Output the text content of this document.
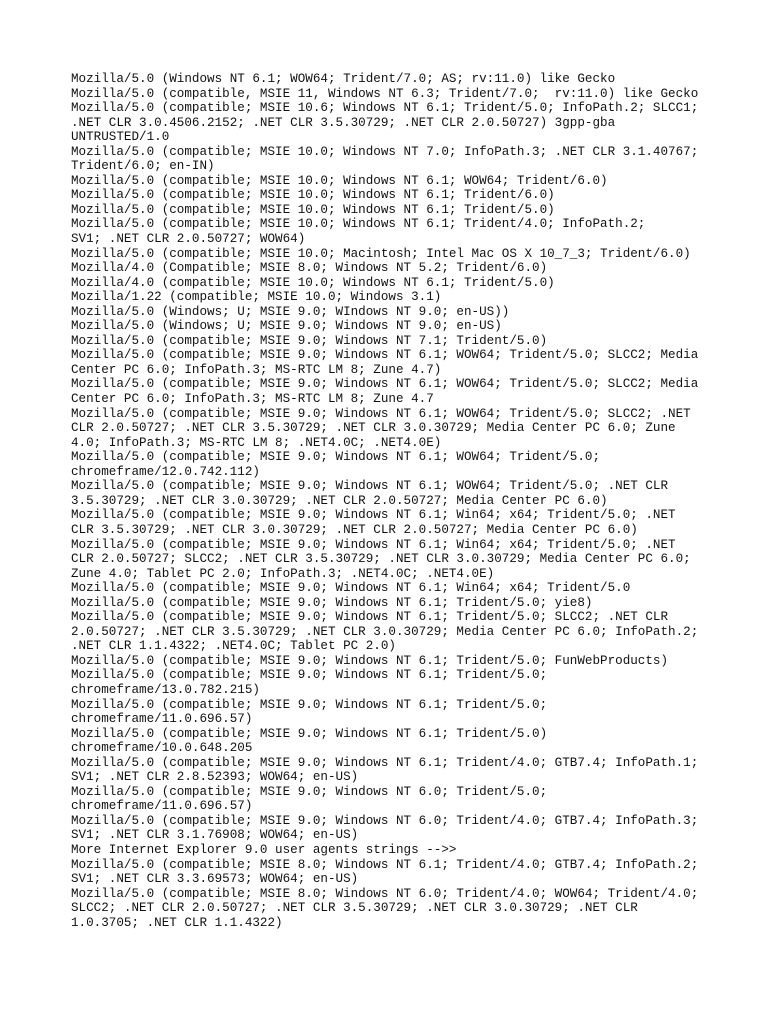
Mozilla/5.0 (Windows NT 6.1; WOW64; Trident/7.0; AS; rv:11.0) like Gecko
Mozilla/5.0 (compatible, MSIE 11, Windows NT 6.3; Trident/7.0;  rv:11.0) like Gecko
Mozilla/5.0 (compatible; MSIE 10.6; Windows NT 6.1; Trident/5.0; InfoPath.2; SLCC1;
.NET CLR 3.0.4506.2152; .NET CLR 3.5.30729; .NET CLR 2.0.50727) 3gpp-gba
UNTRUSTED/1.0
Mozilla/5.0 (compatible; MSIE 10.0; Windows NT 7.0; InfoPath.3; .NET CLR 3.1.40767;
Trident/6.0; en-IN)
Mozilla/5.0 (compatible; MSIE 10.0; Windows NT 6.1; WOW64; Trident/6.0)
Mozilla/5.0 (compatible; MSIE 10.0; Windows NT 6.1; Trident/6.0)
Mozilla/5.0 (compatible; MSIE 10.0; Windows NT 6.1; Trident/5.0)
Mozilla/5.0 (compatible; MSIE 10.0; Windows NT 6.1; Trident/4.0; InfoPath.2;
SV1; .NET CLR 2.0.50727; WOW64)
Mozilla/5.0 (compatible; MSIE 10.0; Macintosh; Intel Mac OS X 10_7_3; Trident/6.0)
Mozilla/4.0 (Compatible; MSIE 8.0; Windows NT 5.2; Trident/6.0)
Mozilla/4.0 (compatible; MSIE 10.0; Windows NT 6.1; Trident/5.0)
Mozilla/1.22 (compatible; MSIE 10.0; Windows 3.1)
Mozilla/5.0 (Windows; U; MSIE 9.0; WIndows NT 9.0; en-US))
Mozilla/5.0 (Windows; U; MSIE 9.0; Windows NT 9.0; en-US)
Mozilla/5.0 (compatible; MSIE 9.0; Windows NT 7.1; Trident/5.0)
Mozilla/5.0 (compatible; MSIE 9.0; Windows NT 6.1; WOW64; Trident/5.0; SLCC2; Media
Center PC 6.0; InfoPath.3; MS-RTC LM 8; Zune 4.7)
Mozilla/5.0 (compatible; MSIE 9.0; Windows NT 6.1; WOW64; Trident/5.0; SLCC2; Media
Center PC 6.0; InfoPath.3; MS-RTC LM 8; Zune 4.7
Mozilla/5.0 (compatible; MSIE 9.0; Windows NT 6.1; WOW64; Trident/5.0; SLCC2; .NET
CLR 2.0.50727; .NET CLR 3.5.30729; .NET CLR 3.0.30729; Media Center PC 6.0; Zune
4.0; InfoPath.3; MS-RTC LM 8; .NET4.0C; .NET4.0E)
Mozilla/5.0 (compatible; MSIE 9.0; Windows NT 6.1; WOW64; Trident/5.0;
chromeframe/12.0.742.112)
Mozilla/5.0 (compatible; MSIE 9.0; Windows NT 6.1; WOW64; Trident/5.0; .NET CLR
3.5.30729; .NET CLR 3.0.30729; .NET CLR 2.0.50727; Media Center PC 6.0)
Mozilla/5.0 (compatible; MSIE 9.0; Windows NT 6.1; Win64; x64; Trident/5.0; .NET
CLR 3.5.30729; .NET CLR 3.0.30729; .NET CLR 2.0.50727; Media Center PC 6.0)
Mozilla/5.0 (compatible; MSIE 9.0; Windows NT 6.1; Win64; x64; Trident/5.0; .NET
CLR 2.0.50727; SLCC2; .NET CLR 3.5.30729; .NET CLR 3.0.30729; Media Center PC 6.0;
Zune 4.0; Tablet PC 2.0; InfoPath.3; .NET4.0C; .NET4.0E)
Mozilla/5.0 (compatible; MSIE 9.0; Windows NT 6.1; Win64; x64; Trident/5.0
Mozilla/5.0 (compatible; MSIE 9.0; Windows NT 6.1; Trident/5.0; yie8)
Mozilla/5.0 (compatible; MSIE 9.0; Windows NT 6.1; Trident/5.0; SLCC2; .NET CLR
2.0.50727; .NET CLR 3.5.30729; .NET CLR 3.0.30729; Media Center PC 6.0; InfoPath.2;
.NET CLR 1.1.4322; .NET4.0C; Tablet PC 2.0)
Mozilla/5.0 (compatible; MSIE 9.0; Windows NT 6.1; Trident/5.0; FunWebProducts)
Mozilla/5.0 (compatible; MSIE 9.0; Windows NT 6.1; Trident/5.0;
chromeframe/13.0.782.215)
Mozilla/5.0 (compatible; MSIE 9.0; Windows NT 6.1; Trident/5.0;
chromeframe/11.0.696.57)
Mozilla/5.0 (compatible; MSIE 9.0; Windows NT 6.1; Trident/5.0)
chromeframe/10.0.648.205
Mozilla/5.0 (compatible; MSIE 9.0; Windows NT 6.1; Trident/4.0; GTB7.4; InfoPath.1;
SV1; .NET CLR 2.8.52393; WOW64; en-US)
Mozilla/5.0 (compatible; MSIE 9.0; Windows NT 6.0; Trident/5.0;
chromeframe/11.0.696.57)
Mozilla/5.0 (compatible; MSIE 9.0; Windows NT 6.0; Trident/4.0; GTB7.4; InfoPath.3;
SV1; .NET CLR 3.1.76908; WOW64; en-US)
More Internet Explorer 9.0 user agents strings -->>
Mozilla/5.0 (compatible; MSIE 8.0; Windows NT 6.1; Trident/4.0; GTB7.4; InfoPath.2;
SV1; .NET CLR 3.3.69573; WOW64; en-US)
Mozilla/5.0 (compatible; MSIE 8.0; Windows NT 6.0; Trident/4.0; WOW64; Trident/4.0;
SLCC2; .NET CLR 2.0.50727; .NET CLR 3.5.30729; .NET CLR 3.0.30729; .NET CLR
1.0.3705; .NET CLR 1.1.4322)
